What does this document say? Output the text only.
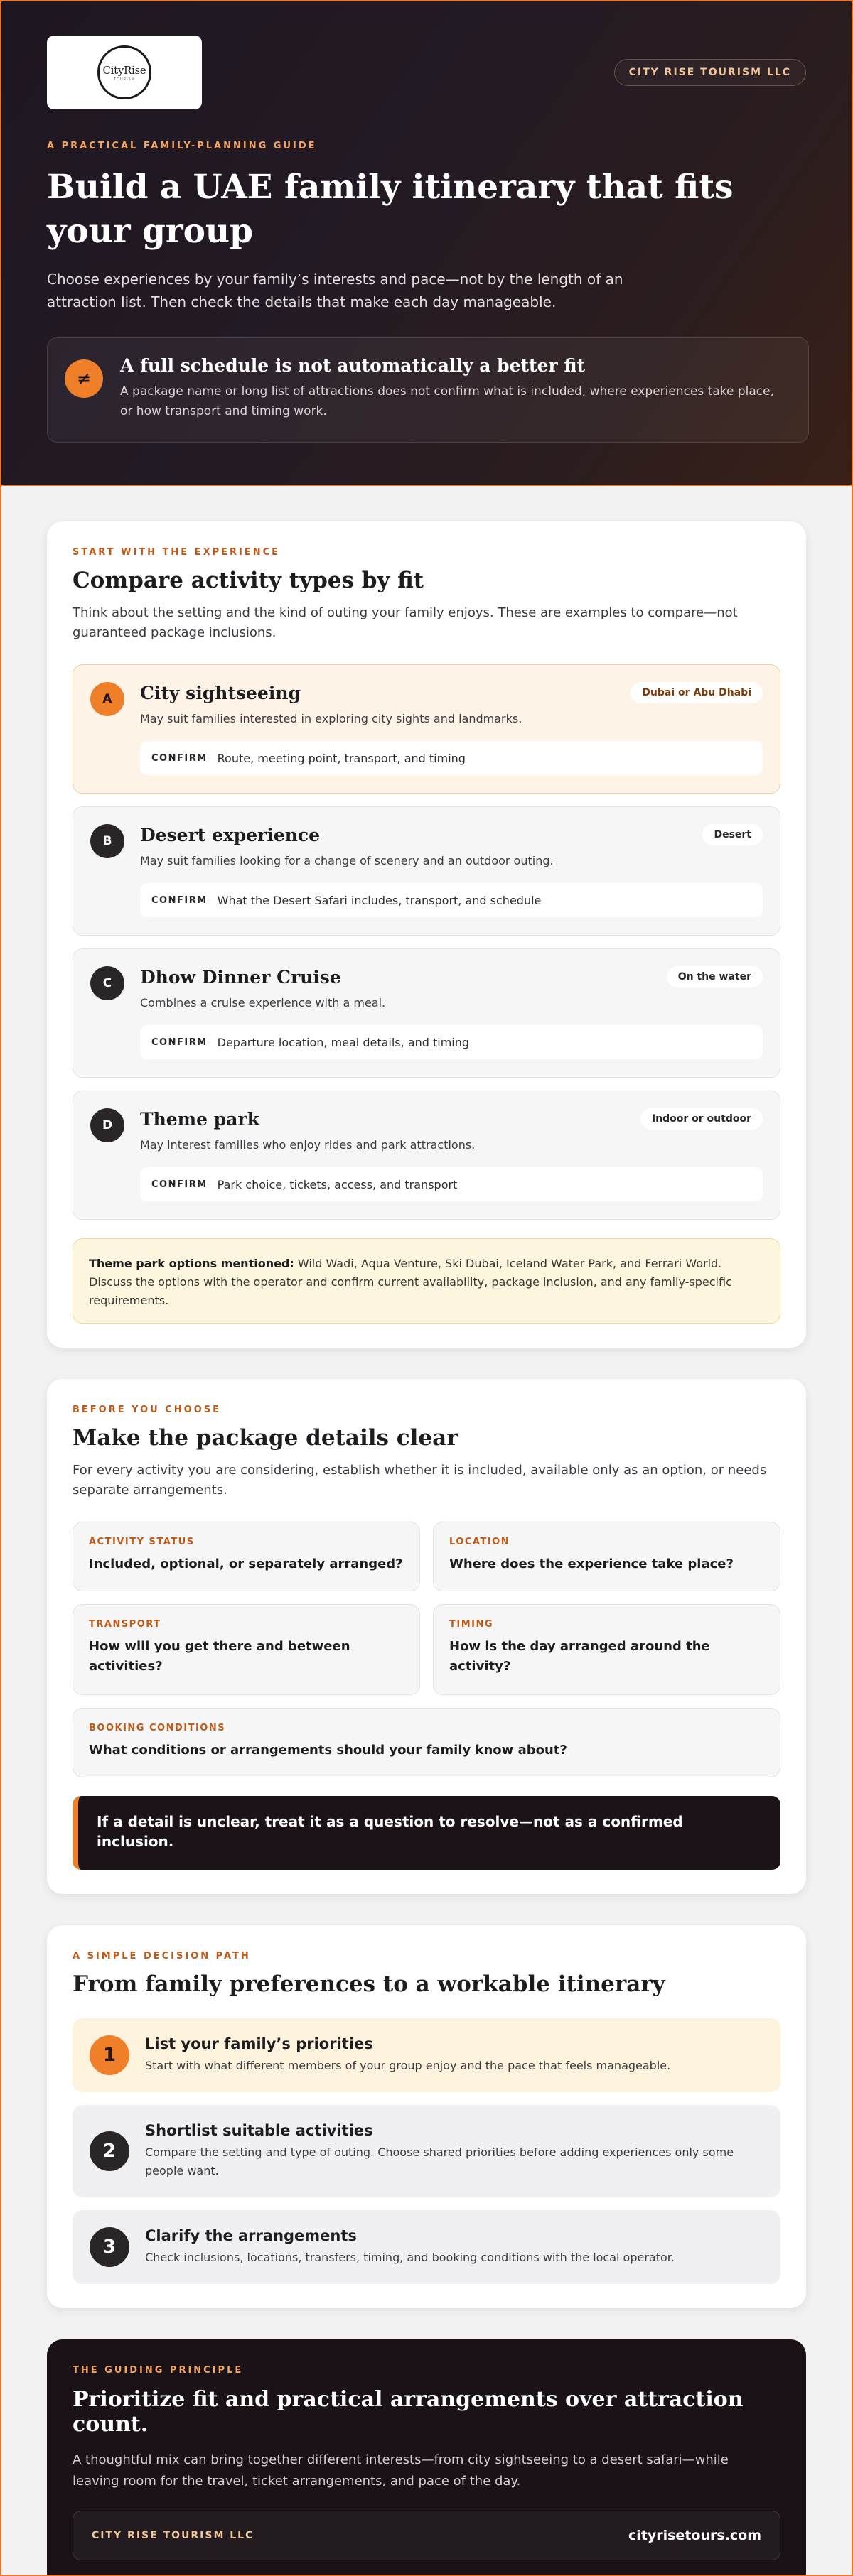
CityRise
TOURISM
CITY RISE TOURISM LLC
A PRACTICAL FAMILY-PLANNING GUIDE
Build a UAE family itinerary that fits your group

Choose experiences by your family’s interests and pace—not by the length of an attraction list. Then check the details that make each day manageable.

≠
A full schedule is not automatically a better fit
A package name or long list of attractions does not confirm what is included, where experiences take place, or how transport and timing work.
START WITH THE EXPERIENCE
Compare activity types by fit

Think about the setting and the kind of outing your family enjoys. These are examples to compare—not guaranteed package inclusions.

A	City sightseeing	Dubai or Abu Dhabi
May suit families interested in exploring city sights and landmarks.
CONFIRM Route, meeting point, transport, and timing
B	Desert experience	Desert
May suit families looking for a change of scenery and an outdoor outing.
CONFIRM What the Desert Safari includes, transport, and schedule
C	Dhow Dinner Cruise	On the water
Combines a cruise experience with a meal.
CONFIRM Departure location, meal details, and timing
D	Theme park	Indoor or outdoor
May interest families who enjoy rides and park attractions.
CONFIRM Park choice, tickets, access, and transport
Theme park options mentioned: Wild Wadi, Aqua Venture, Ski Dubai, Iceland Water Park, and Ferrari World. Discuss the options with the operator and confirm current availability, package inclusion, and any family-specific requirements.
BEFORE YOU CHOOSE
Make the package details clear

For every activity you are considering, establish whether it is included, available only as an option, or needs separate arrangements.

ACTIVITY STATUS
Included, optional, or separately arranged?
LOCATION
Where does the experience take place?
TRANSPORT
How will you get there and between activities?
TIMING
How is the day arranged around the activity?
BOOKING CONDITIONS
What conditions or arrangements should your family know about?
If a detail is unclear, treat it as a question to resolve—not as a confirmed inclusion.
A SIMPLE DECISION PATH
From family preferences to a workable itinerary
1
List your family’s priorities
Start with what different members of your group enjoy and the pace that feels manageable.
2
Shortlist suitable activities
Compare the setting and type of outing. Choose shared priorities before adding experiences only some people want.
3
Clarify the arrangements
Check inclusions, locations, transfers, timing, and booking conditions with the local operator.
THE GUIDING PRINCIPLE
Prioritize fit and practical arrangements over attraction count.

A thoughtful mix can bring together different interests—from city sightseeing to a desert safari—while leaving room for the travel, ticket arrangements, and pace of the day.

CITY RISE TOURISM LLC	cityrisetours.com
